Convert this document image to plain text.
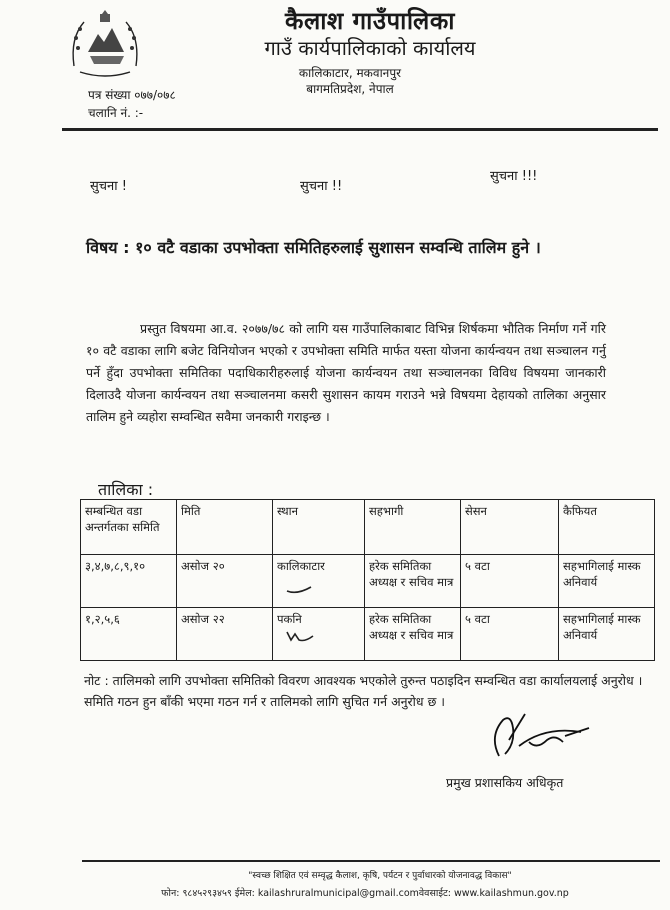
कैलाश गाउँपालिका
गाउँ कार्यपालिकाको कार्यालय
कालिकाटार, मकवानपुर
बागमतिप्रदेश, नेपाल
पत्र संख्या ०७७/०७८
चलानि नं. :-
सुचना !	सुचना !!
सुचना !!!
विषय : १० वटै वडाका उपभोक्ता समितिहरुलाई सुशासन सम्वन्धि तालिम हुने ।
प्रस्तुत विषयमा आ.व. २०७७/७८ को लागि यस गाउँपालिकाबाट विभिन्न शिर्षकमा भौतिक निर्माण गर्ने गरि १० वटै वडाका लागि बजेट विनियोजन भएको र उपभोक्ता समिति मार्फत यस्ता योजना कार्यन्वयन तथा सञ्चालन गर्नु पर्ने हुँदा उपभोक्ता समितिका पदाधिकारीहरुलाई योजना कार्यन्वयन तथा सञ्चालनका विविध विषयमा जानकारी दिलाउदै योजना कार्यन्वयन तथा सञ्चालनमा कसरी सुशासन कायम गराउने भन्ने विषयमा देहायको तालिका अनुसार तालिम हुने व्यहोरा सम्वन्धित सवैमा जनकारी गराइन्छ ।
तालिका :
सम्बन्धित वडा अन्तर्गतका समिति	मिति	स्थान	सहभागी	सेसन	कैफियत
३,४,७,८,९,१०	असोज २०	कालिकाटार	हरेक समितिका अध्यक्ष र सचिव मात्र	५ वटा	सहभागिलाई मास्क अनिवार्य
१,२,५,६	असोज २२	पकनि	हरेक समितिका अध्यक्ष र सचिव मात्र	५ वटा	सहभागिलाई मास्क अनिवार्य
नोट : तालिमको लागि उपभोक्ता समितिको विवरण आवश्यक भएकोले तुरुन्त पठाइदिन सम्वन्धित वडा कार्यालयलाई अनुरोध । समिति गठन हुन बाँकी भएमा गठन गर्न र तालिमको लागि सुचित गर्न अनुरोध छ ।
प्रमुख प्रशासकिय अधिकृत
"स्वच्छ शिक्षित एवं सम्वृद्ध कैलाश, कृषि, पर्यटन र पुर्वाधारको योजनावद्ध विकास"
फोन: ९८४५२९३४५९ ईमेल: kailashruralmunicipal@gmail.comवेवसाईट: www.kailashmun.gov.np
